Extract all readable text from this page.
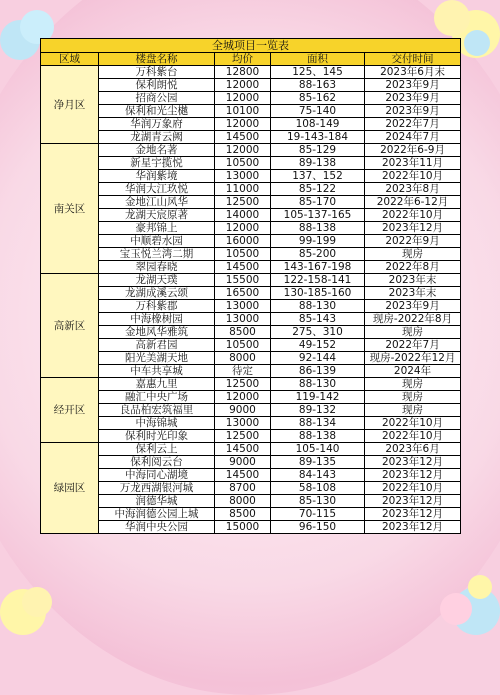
全城项目一览表				
区域	楼盘名称	均价	面积	交付时间
净月区	万科紫台	12800	125、145	2023年6月末
	保利朗悦	12000	88-163	2023年9月
	招商公园	12000	85-162	2023年9月
	保利和光尘樾	10100	75-140	2023年9月
	华润万象府	12000	108-149	2022年7月
	龙湖青云阙	14500	19-143-184	2024年7月
南关区	金地名著	12000	85-129	2022年6-9月
	新星宇揽悦	10500	89-138	2023年11月
	华润紫境	13000	137、152	2022年10月
	华润大江玖悦	11000	85-122	2023年8月
	金地江山风华	12500	85-170	2022年6-12月
	龙湖天宸原著	14000	105-137-165	2022年10月
	豪邦锦上	12000	88-138	2023年12月
	中顺碧水园	16000	99-199	2022年9月
	宝玉悦兰湾二期	10500	85-200	现房
	翠园春晓	14500	143-167-198	2022年8月
高新区	龙湖天璞	15500	122-158-141	2023年末
	龙湖成溪云颂	16500	130-185-160	2023年末
	万科紫郡	13000	88-130	2023年9月
	中海橡树园	13000	85-143	现房-2022年8月
	金地风华雅筑	8500	275、310	现房
	高新君园	10500	49-152	2022年7月
	阳光美湖天地	8000	92-144	现房-2022年12月
	中车共享城	待定	86-139	2024年
经开区	嘉惠九里	12500	88-130	现房
	融汇中央广场	12000	119-142	现房
	良品柏宏筑福里	9000	89-132	现房
	中海锦城	13000	88-134	2022年10月
	保利时光印象	12500	88-138	2022年10月
绿园区	保利云上	14500	105-140	2023年6月
	保利阅云台	9000	89-135	2023年12月
	中海同心湖境	14500	84-143	2023年12月
	万龙西湖银河城	8700	58-108	2022年10月
	润德华城	8000	85-130	2023年12月
	中海润德公园上城	8500	70-115	2023年12月
	华润中央公园	15000	96-150	2023年12月
